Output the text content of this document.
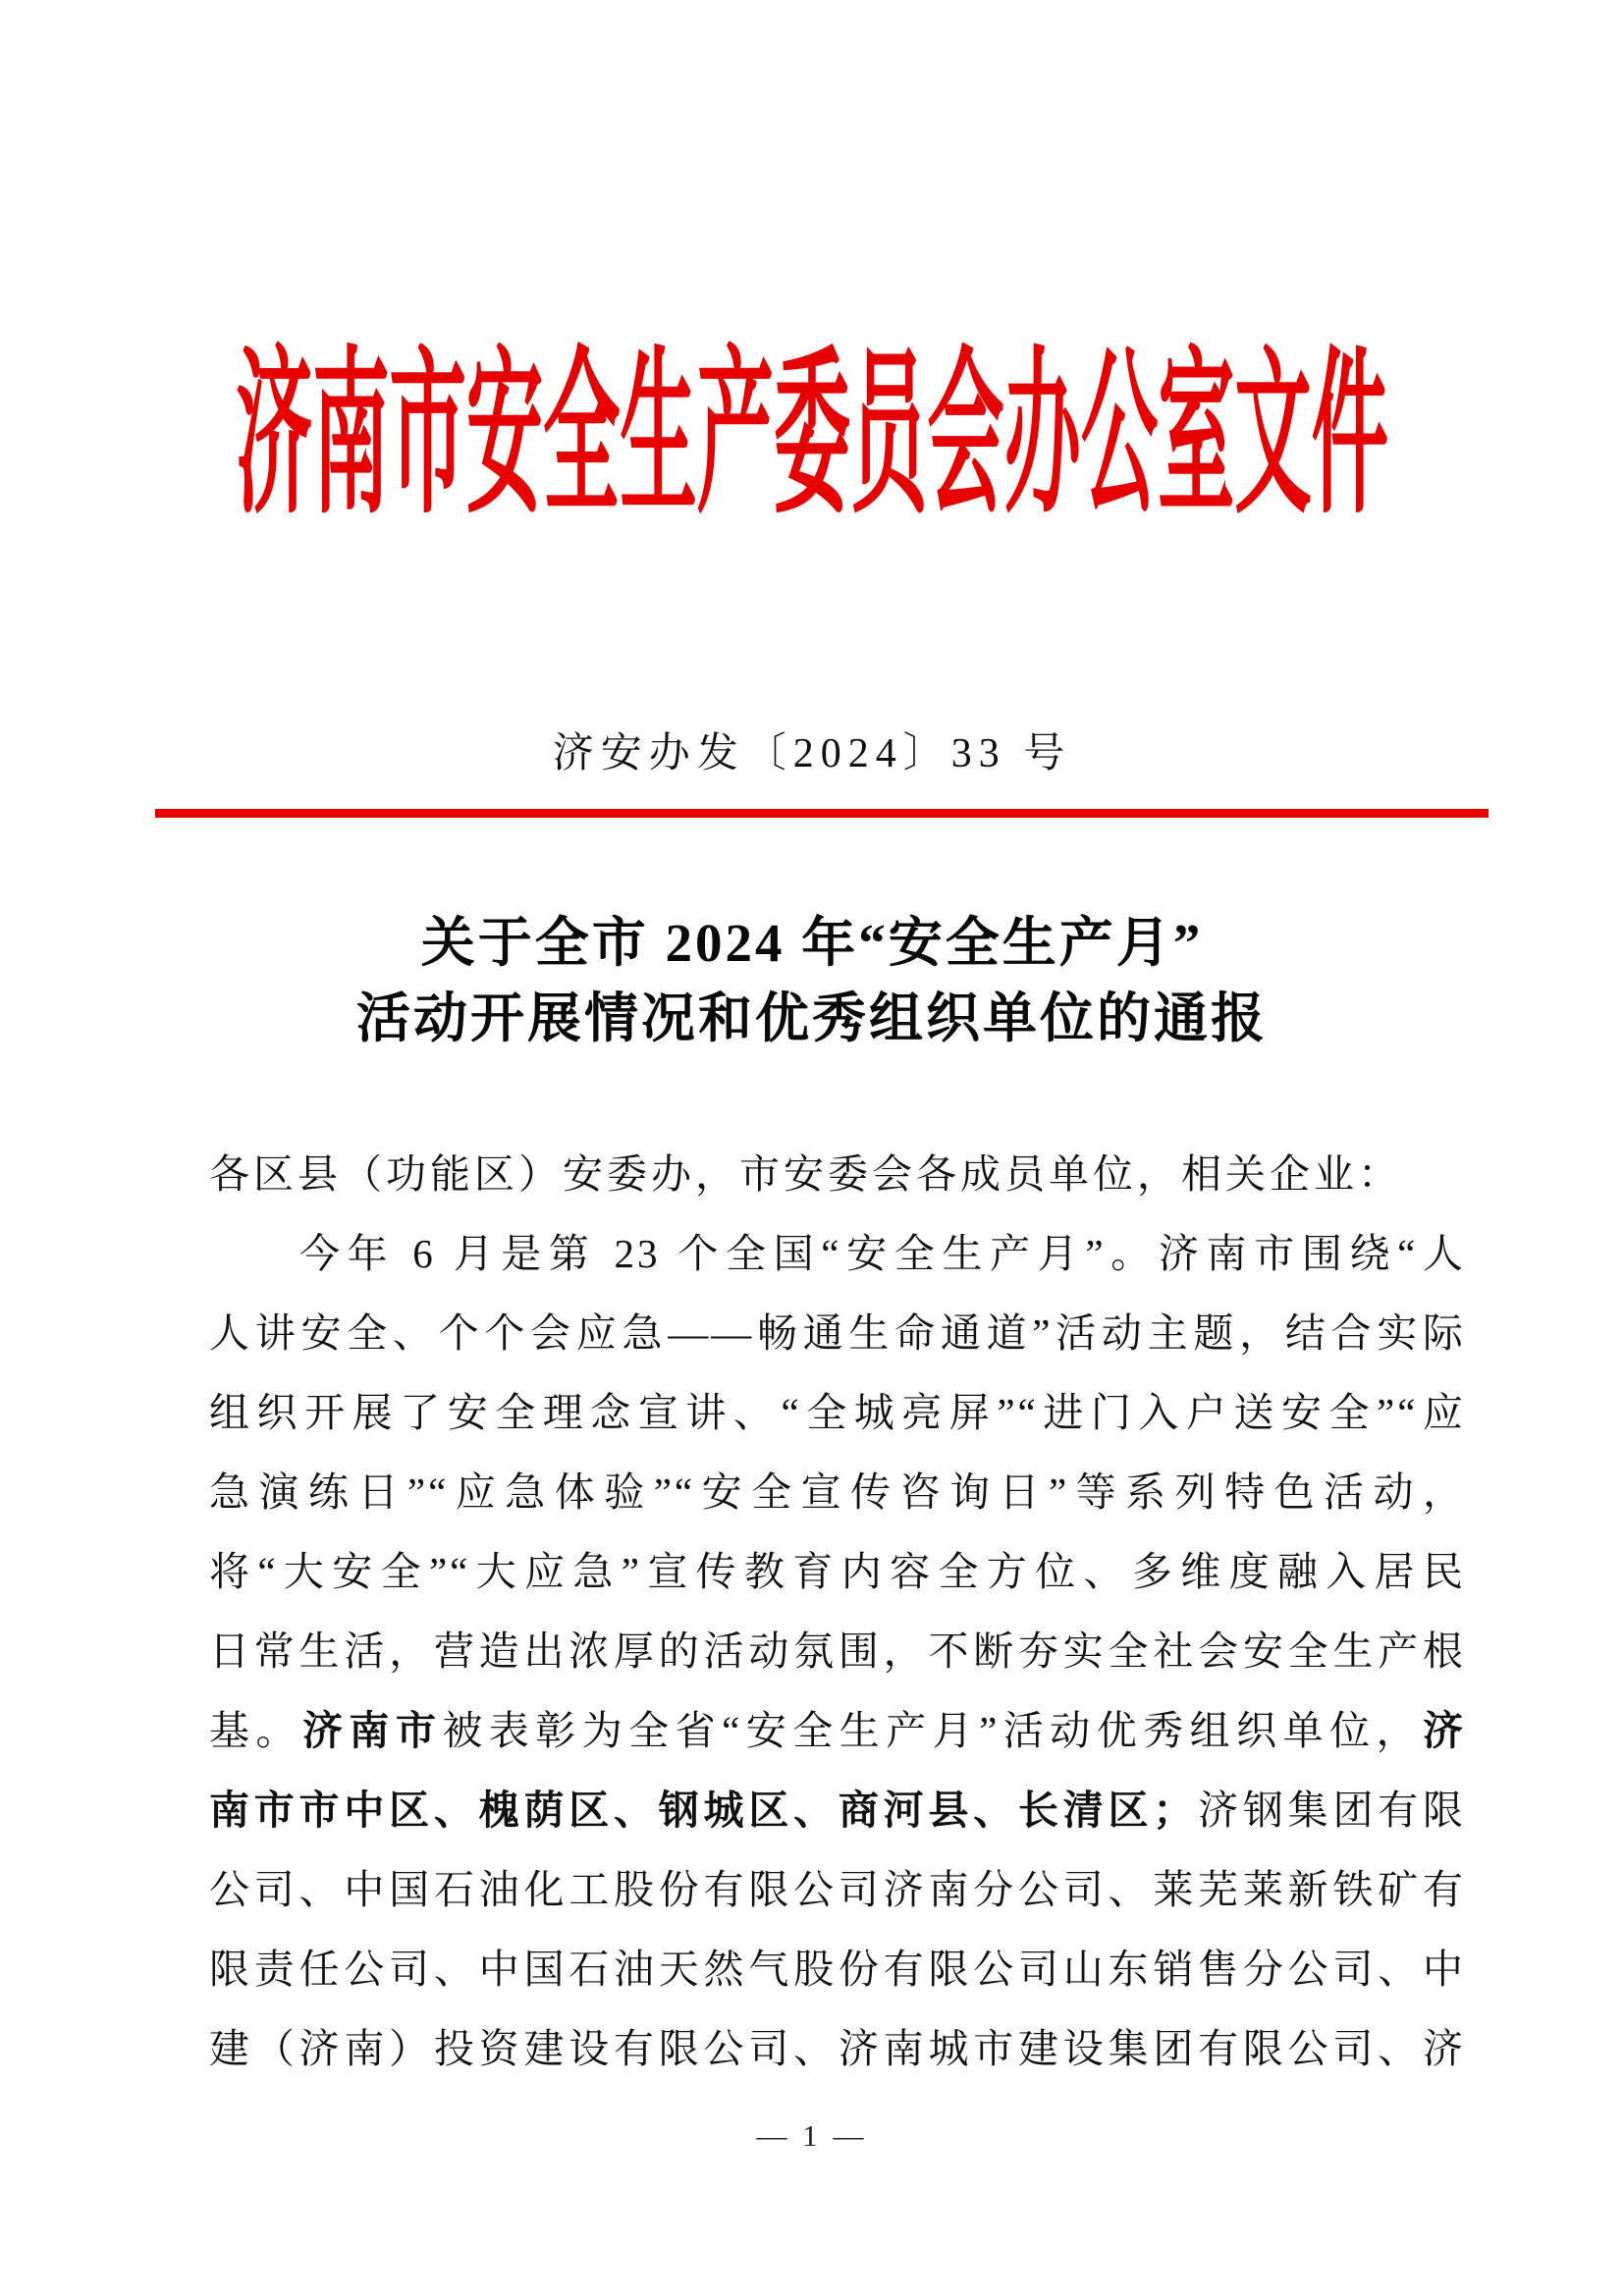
济南市安全生产委员会办公室文件
济安办发〔2024〕33 号
关于全市 2024 年“安全生产月”
活动开展情况和优秀组织单位的通报
各区县（功能区）安委办，市安委会各成员单位，相关企业：
今年 6 月是第 23 个全国“安全生产月”。济南市围绕“人
人讲安全、个个会应急——畅通生命通道”活动主题，结合实际
组织开展了安全理念宣讲、“全城亮屏”“进门入户送安全”“应
急演练日”“应急体验”“安全宣传咨询日”等系列特色活动，
将“大安全”“大应急”宣传教育内容全方位、多维度融入居民
日常生活，营造出浓厚的活动氛围，不断夯实全社会安全生产根
基。济南市被表彰为全省“安全生产月”活动优秀组织单位，济
南市市中区、槐荫区、钢城区、商河县、长清区；济钢集团有限
公司、中国石油化工股份有限公司济南分公司、莱芜莱新铁矿有
限责任公司、中国石油天然气股份有限公司山东销售分公司、中
建（济南）投资建设有限公司、济南城市建设集团有限公司、济
— 1 —
